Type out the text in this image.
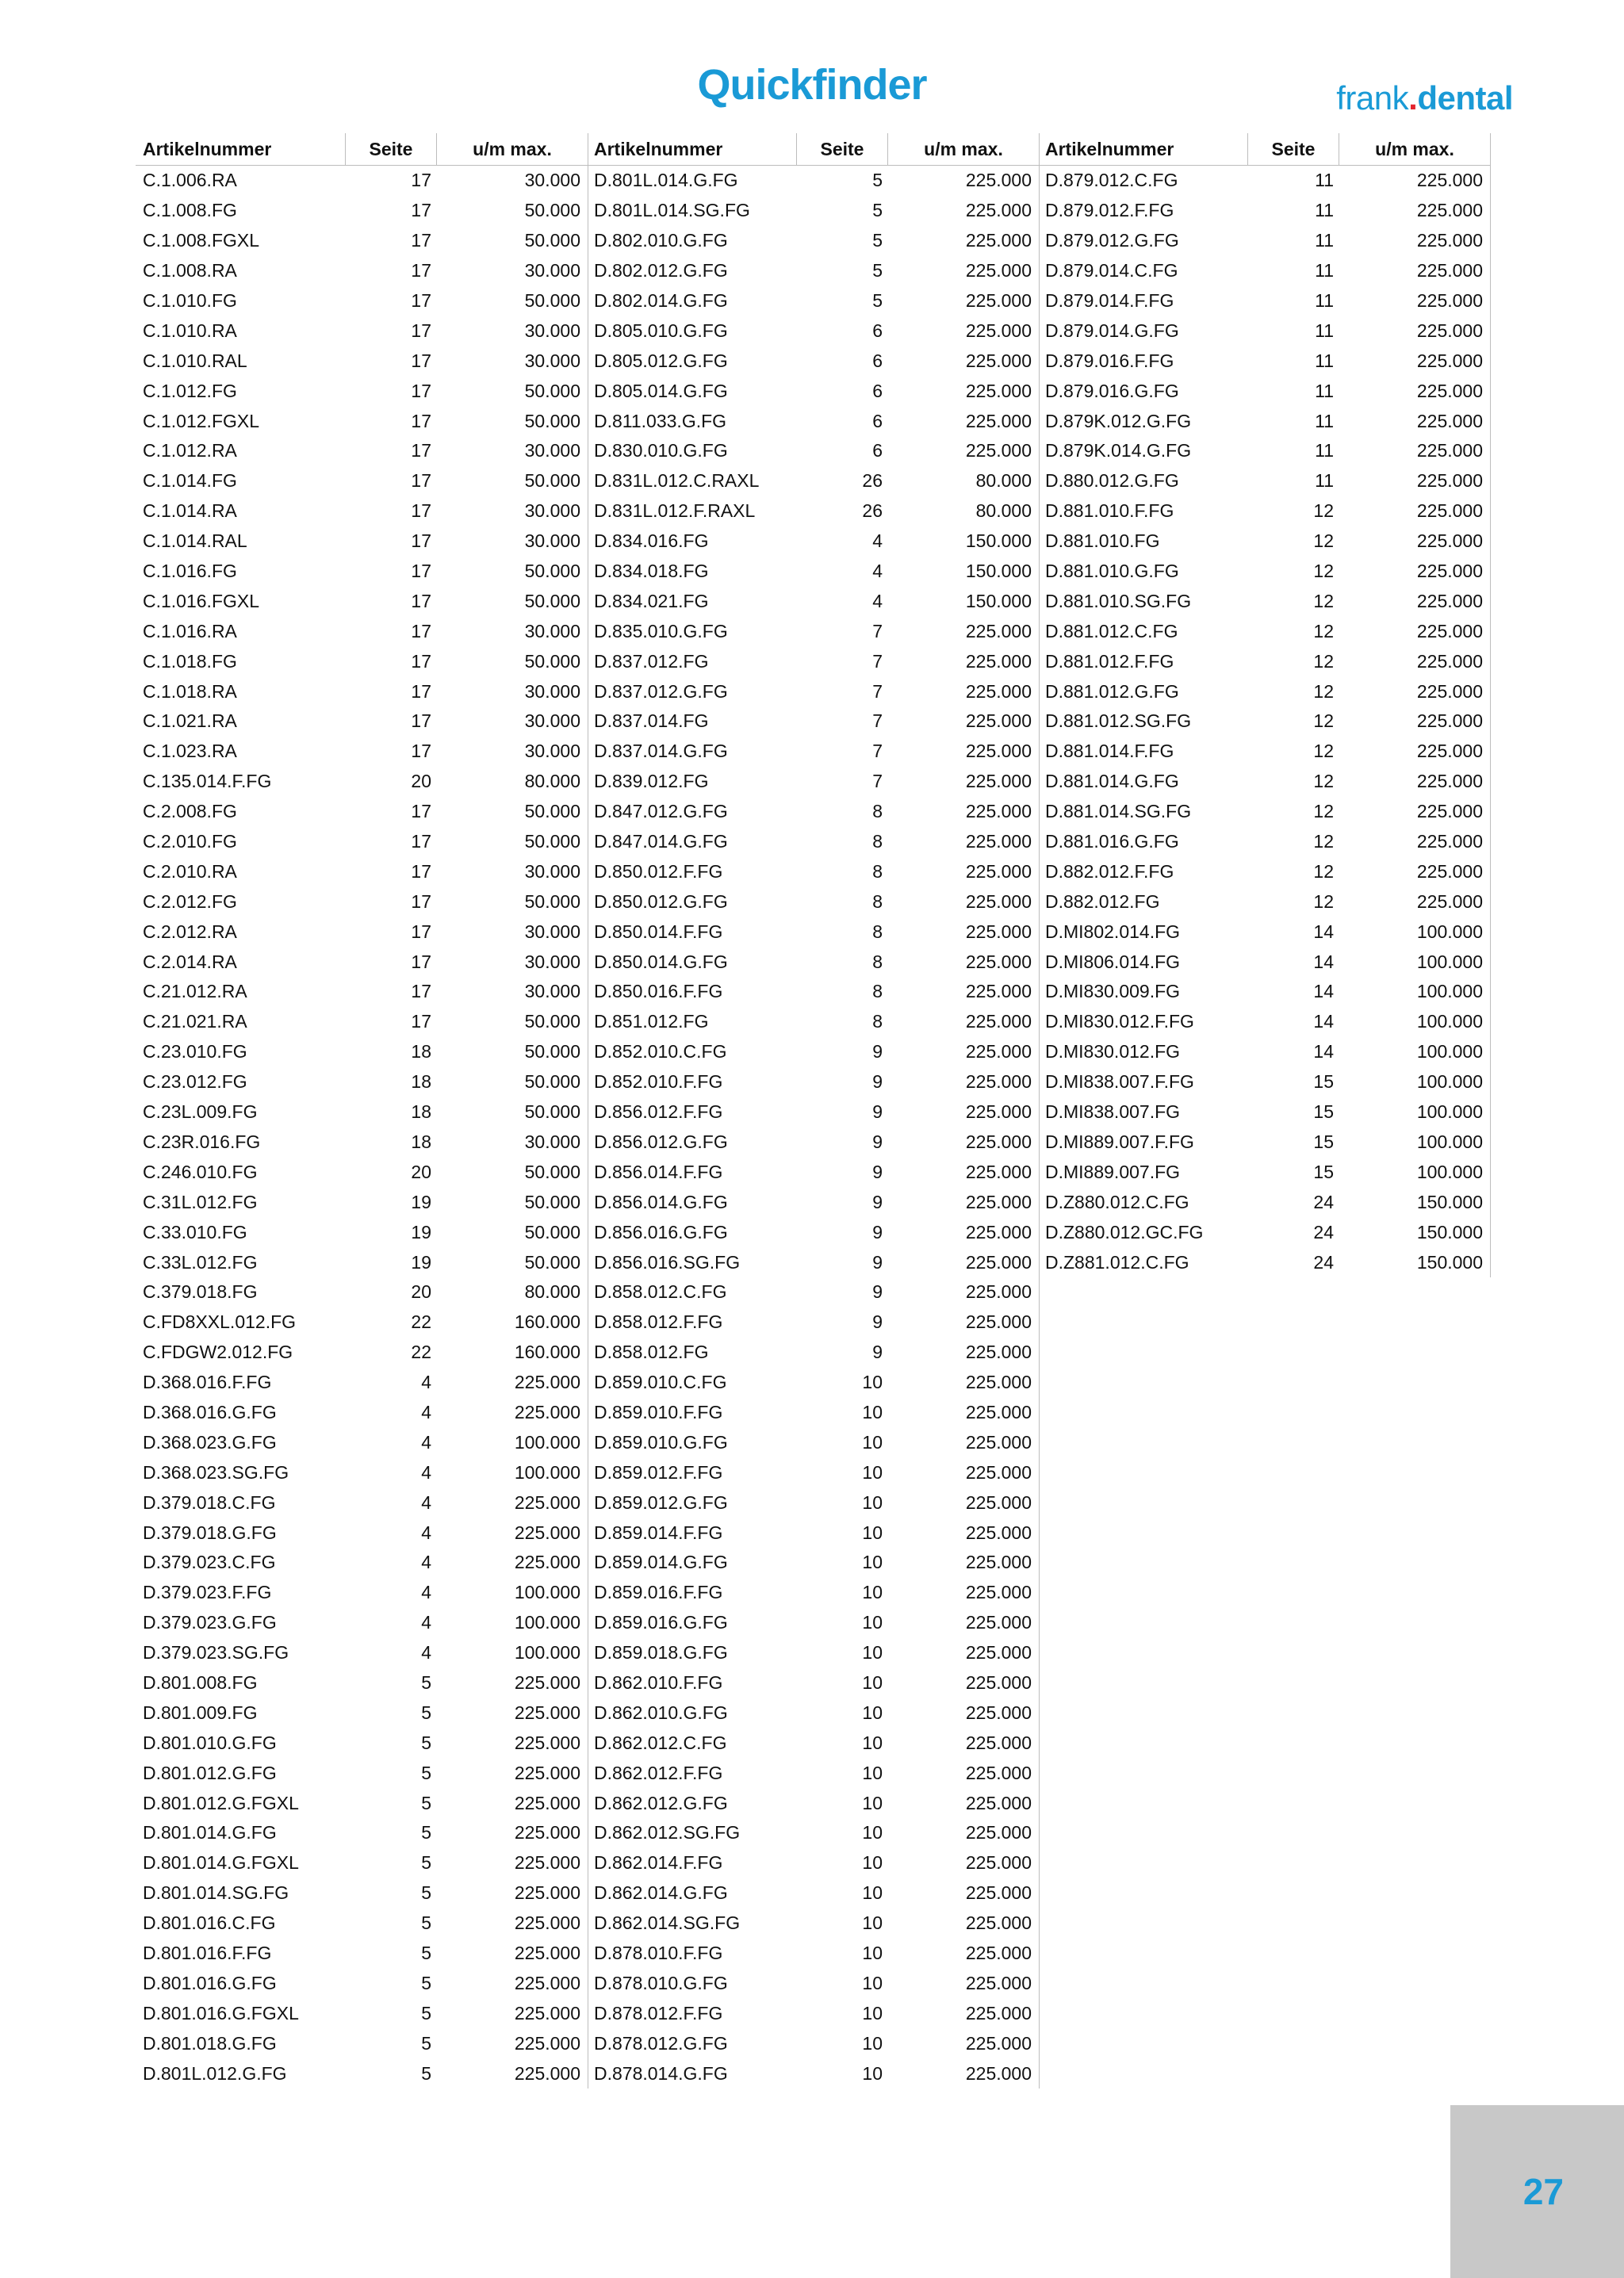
Quickfinder	frank.dental
Artikelnummer	Seite	u/m max.
C.1.006.RA	17	30.000
C.1.008.FG	17	50.000
C.1.008.FGXL	17	50.000
C.1.008.RA	17	30.000
C.1.010.FG	17	50.000
C.1.010.RA	17	30.000
C.1.010.RAL	17	30.000
C.1.012.FG	17	50.000
C.1.012.FGXL	17	50.000
C.1.012.RA	17	30.000
C.1.014.FG	17	50.000
C.1.014.RA	17	30.000
C.1.014.RAL	17	30.000
C.1.016.FG	17	50.000
C.1.016.FGXL	17	50.000
C.1.016.RA	17	30.000
C.1.018.FG	17	50.000
C.1.018.RA	17	30.000
C.1.021.RA	17	30.000
C.1.023.RA	17	30.000
C.135.014.F.FG	20	80.000
C.2.008.FG	17	50.000
C.2.010.FG	17	50.000
C.2.010.RA	17	30.000
C.2.012.FG	17	50.000
C.2.012.RA	17	30.000
C.2.014.RA	17	30.000
C.21.012.RA	17	30.000
C.21.021.RA	17	50.000
C.23.010.FG	18	50.000
C.23.012.FG	18	50.000
C.23L.009.FG	18	50.000
C.23R.016.FG	18	30.000
C.246.010.FG	20	50.000
C.31L.012.FG	19	50.000
C.33.010.FG	19	50.000
C.33L.012.FG	19	50.000
C.379.018.FG	20	80.000
C.FD8XXL.012.FG	22	160.000
C.FDGW2.012.FG	22	160.000
D.368.016.F.FG	4	225.000
D.368.016.G.FG	4	225.000
D.368.023.G.FG	4	100.000
D.368.023.SG.FG	4	100.000
D.379.018.C.FG	4	225.000
D.379.018.G.FG	4	225.000
D.379.023.C.FG	4	225.000
D.379.023.F.FG	4	100.000
D.379.023.G.FG	4	100.000
D.379.023.SG.FG	4	100.000
D.801.008.FG	5	225.000
D.801.009.FG	5	225.000
D.801.010.G.FG	5	225.000
D.801.012.G.FG	5	225.000
D.801.012.G.FGXL	5	225.000
D.801.014.G.FG	5	225.000
D.801.014.G.FGXL	5	225.000
D.801.014.SG.FG	5	225.000
D.801.016.C.FG	5	225.000
D.801.016.F.FG	5	225.000
D.801.016.G.FG	5	225.000
D.801.016.G.FGXL	5	225.000
D.801.018.G.FG	5	225.000
D.801L.012.G.FG	5	225.000
Artikelnummer	Seite	u/m max.
D.801L.014.G.FG	5	225.000
D.801L.014.SG.FG	5	225.000
D.802.010.G.FG	5	225.000
D.802.012.G.FG	5	225.000
D.802.014.G.FG	5	225.000
D.805.010.G.FG	6	225.000
D.805.012.G.FG	6	225.000
D.805.014.G.FG	6	225.000
D.811.033.G.FG	6	225.000
D.830.010.G.FG	6	225.000
D.831L.012.C.RAXL	26	80.000
D.831L.012.F.RAXL	26	80.000
D.834.016.FG	4	150.000
D.834.018.FG	4	150.000
D.834.021.FG	4	150.000
D.835.010.G.FG	7	225.000
D.837.012.FG	7	225.000
D.837.012.G.FG	7	225.000
D.837.014.FG	7	225.000
D.837.014.G.FG	7	225.000
D.839.012.FG	7	225.000
D.847.012.G.FG	8	225.000
D.847.014.G.FG	8	225.000
D.850.012.F.FG	8	225.000
D.850.012.G.FG	8	225.000
D.850.014.F.FG	8	225.000
D.850.014.G.FG	8	225.000
D.850.016.F.FG	8	225.000
D.851.012.FG	8	225.000
D.852.010.C.FG	9	225.000
D.852.010.F.FG	9	225.000
D.856.012.F.FG	9	225.000
D.856.012.G.FG	9	225.000
D.856.014.F.FG	9	225.000
D.856.014.G.FG	9	225.000
D.856.016.G.FG	9	225.000
D.856.016.SG.FG	9	225.000
D.858.012.C.FG	9	225.000
D.858.012.F.FG	9	225.000
D.858.012.FG	9	225.000
D.859.010.C.FG	10	225.000
D.859.010.F.FG	10	225.000
D.859.010.G.FG	10	225.000
D.859.012.F.FG	10	225.000
D.859.012.G.FG	10	225.000
D.859.014.F.FG	10	225.000
D.859.014.G.FG	10	225.000
D.859.016.F.FG	10	225.000
D.859.016.G.FG	10	225.000
D.859.018.G.FG	10	225.000
D.862.010.F.FG	10	225.000
D.862.010.G.FG	10	225.000
D.862.012.C.FG	10	225.000
D.862.012.F.FG	10	225.000
D.862.012.G.FG	10	225.000
D.862.012.SG.FG	10	225.000
D.862.014.F.FG	10	225.000
D.862.014.G.FG	10	225.000
D.862.014.SG.FG	10	225.000
D.878.010.F.FG	10	225.000
D.878.010.G.FG	10	225.000
D.878.012.F.FG	10	225.000
D.878.012.G.FG	10	225.000
D.878.014.G.FG	10	225.000
Artikelnummer	Seite	u/m max.
D.879.012.C.FG	11	225.000
D.879.012.F.FG	11	225.000
D.879.012.G.FG	11	225.000
D.879.014.C.FG	11	225.000
D.879.014.F.FG	11	225.000
D.879.014.G.FG	11	225.000
D.879.016.F.FG	11	225.000
D.879.016.G.FG	11	225.000
D.879K.012.G.FG	11	225.000
D.879K.014.G.FG	11	225.000
D.880.012.G.FG	11	225.000
D.881.010.F.FG	12	225.000
D.881.010.FG	12	225.000
D.881.010.G.FG	12	225.000
D.881.010.SG.FG	12	225.000
D.881.012.C.FG	12	225.000
D.881.012.F.FG	12	225.000
D.881.012.G.FG	12	225.000
D.881.012.SG.FG	12	225.000
D.881.014.F.FG	12	225.000
D.881.014.G.FG	12	225.000
D.881.014.SG.FG	12	225.000
D.881.016.G.FG	12	225.000
D.882.012.F.FG	12	225.000
D.882.012.FG	12	225.000
D.MI802.014.FG	14	100.000
D.MI806.014.FG	14	100.000
D.MI830.009.FG	14	100.000
D.MI830.012.F.FG	14	100.000
D.MI830.012.FG	14	100.000
D.MI838.007.F.FG	15	100.000
D.MI838.007.FG	15	100.000
D.MI889.007.F.FG	15	100.000
D.MI889.007.FG	15	100.000
D.Z880.012.C.FG	24	150.000
D.Z880.012.GC.FG	24	150.000
D.Z881.012.C.FG	24	150.000
27
